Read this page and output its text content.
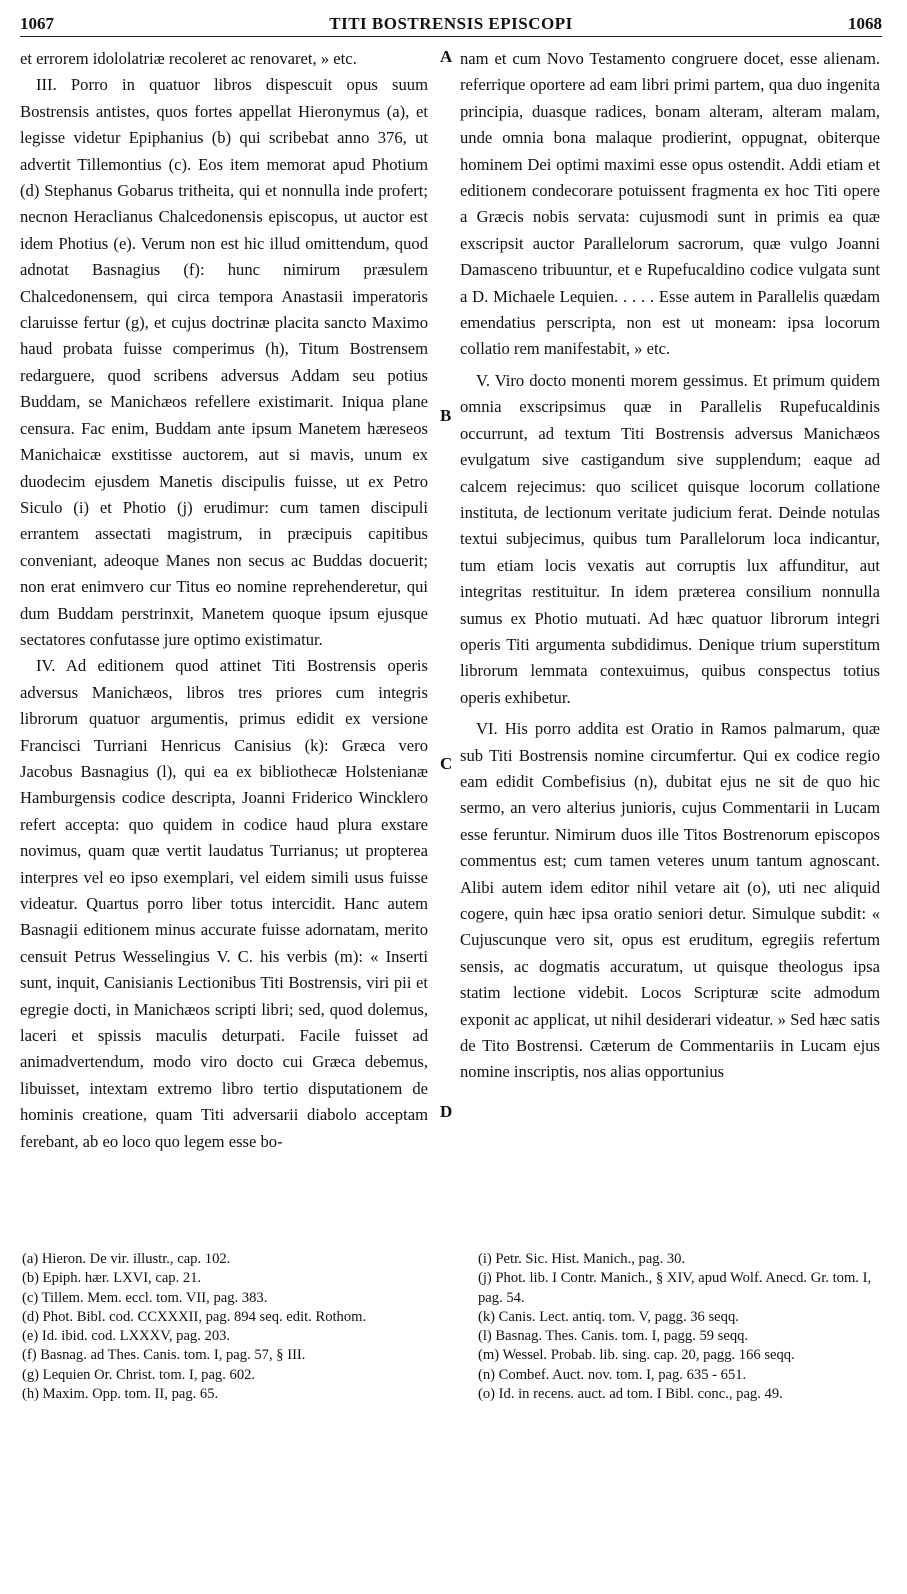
1067	TITI BOSTRENSIS EPISCOPI	1068

et errorem idololatriæ recoleret ac renovaret, » etc.

III. Porro in quatuor libros dispescuit opus suum Bostrensis antistes, quos fortes appellat Hieronymus (a), et legisse videtur Epiphanius (b) qui scribebat anno 376, ut advertit Tillemontius (c). Eos item memorat apud Photium (d) Stephanus Gobarus tritheita, qui et nonnulla inde profert; necnon Heraclianus Chalcedonensis episcopus, ut auctor est idem Photius (e). Verum non est hic illud omittendum, quod adnotat Basnagius (f): hunc nimirum præsulem Chalcedonensem, qui circa tempora Anastasii imperatoris claruisse fertur (g), et cujus doctrinæ placita sancto Maximo haud probata fuisse comperimus (h), Titum Bostrensem redarguere, quod scribens adversus Addam seu potius Buddam, se Manichæos refellere existimarit. Iniqua plane censura. Fac enim, Buddam ante ipsum Manetem hæreseos Manichaicæ exstitisse auctorem, aut si mavis, unum ex duodecim ejusdem Manetis discipulis fuisse, ut ex Petro Siculo (i) et Photio (j) erudimur: cum tamen discipuli errantem assectati magistrum, in præcipuis capitibus conveniant, adeoque Manes non secus ac Buddas docuerit; non erat enimvero cur Titus eo nomine reprehenderetur, qui dum Buddam perstrinxit, Manetem quoque ipsum ejusque sectatores confutasse jure optimo existimatur.

IV. Ad editionem quod attinet Titi Bostrensis operis adversus Manichæos, libros tres priores cum integris librorum quatuor argumentis, primus edidit ex versione Francisci Turriani Henricus Canisius (k): Græca vero Jacobus Basnagius (l), qui ea ex bibliothecæ Holstenianæ Hamburgensis codice descripta, Joanni Friderico Wincklero refert accepta: quo quidem in codice haud plura exstare novimus, quam quæ vertit laudatus Turrianus; ut propterea interpres vel eo ipso exemplari, vel eidem simili usus fuisse videatur. Quartus porro liber totus intercidit. Hanc autem Basnagii editionem minus accurate fuisse adornatam, merito censuit Petrus Wesselingius V. C. his verbis (m): « Inserti sunt, inquit, Canisianis Lectionibus Titi Bostrensis, viri pii et egregie docti, in Manichæos scripti libri; sed, quod dolemus, laceri et spissis maculis deturpati. Facile fuisset ad animadvertendum, modo viro docto cui Græca debemus, libuisset, intextam extremo libro tertio disputationem de hominis creatione, quam Titi adversarii diabolo acceptam ferebant, ab eo loco quo legem esse bo-

A
B
C
D

nam et cum Novo Testamento congruere docet, esse alienam. referrique oportere ad eam libri primi partem, qua duo ingenita principia, duasque radices, bonam alteram, alteram malam, unde omnia bona malaque prodierint, oppugnat, obiterque hominem Dei optimi maximi esse opus ostendit. Addi etiam et editionem condecorare potuissent fragmenta ex hoc Titi opere a Græcis nobis servata: cujusmodi sunt in primis ea quæ exscripsit auctor Parallelorum sacrorum, quæ vulgo Joanni Damasceno tribuuntur, et e Rupefucaldino codice vulgata sunt a D. Michaele Lequien. . . . . Esse autem in Parallelis quædam emendatius perscripta, non est ut moneam: ipsa locorum collatio rem manifestabit, » etc.

V. Viro docto monenti morem gessimus. Et primum quidem omnia exscripsimus quæ in Parallelis Rupefucaldinis occurrunt, ad textum Titi Bostrensis adversus Manichæos evulgatum sive castigandum sive supplendum; eaque ad calcem rejecimus: quo scilicet quisque locorum collatione instituta, de lectionum veritate judicium ferat. Deinde notulas textui subjecimus, quibus tum Parallelorum loca indicantur, tum etiam locis vexatis aut corruptis lux affunditur, aut integritas restituitur. In idem præterea consilium nonnulla sumus ex Photio mutuati. Ad hæc quatuor librorum integri operis Titi argumenta subdidimus. Denique trium superstitum librorum lemmata contexuimus, quibus conspectus totius operis exhibetur.

VI. His porro addita est Oratio in Ramos palmarum, quæ sub Titi Bostrensis nomine circumfertur. Qui ex codice regio eam edidit Combefisius (n), dubitat ejus ne sit de quo hic sermo, an vero alterius junioris, cujus Commentarii in Lucam esse feruntur. Nimirum duos ille Titos Bostrenorum episcopos commentus est; cum tamen veteres unum tantum agnoscant. Alibi autem idem editor nihil vetare ait (o), uti nec aliquid cogere, quin hæc ipsa oratio seniori detur. Simulque subdit: « Cujuscunque vero sit, opus est eruditum, egregiis refertum sensis, ac dogmatis accuratum, ut quisque theologus ipsa statim lectione videbit. Locos Scripturæ scite admodum exponit ac applicat, ut nihil desiderari videatur. » Sed hæc satis de Tito Bostrensi. Cæterum de Commentariis in Lucam ejus nomine inscriptis, nos alias opportunius

(a) Hieron. De vir. illustr., cap. 102.

(b) Epiph. hær. LXVI, cap. 21.

(c) Tillem. Mem. eccl. tom. VII, pag. 383.

(d) Phot. Bibl. cod. CCXXXII, pag. 894 seq. edit. Rothom.

(e) Id. ibid. cod. LXXXV, pag. 203.

(f) Basnag. ad Thes. Canis. tom. I, pag. 57, § III.

(g) Lequien Or. Christ. tom. I, pag. 602.

(h) Maxim. Opp. tom. II, pag. 65.

(i) Petr. Sic. Hist. Manich., pag. 30.

(j) Phot. lib. I Contr. Manich., § XIV, apud Wolf. Anecd. Gr. tom. I, pag. 54.

(k) Canis. Lect. antiq. tom. V, pagg. 36 seqq.

(l) Basnag. Thes. Canis. tom. I, pagg. 59 seqq.

(m) Wessel. Probab. lib. sing. cap. 20, pagg. 166 seqq.

(n) Combef. Auct. nov. tom. I, pag. 635 - 651.

(o) Id. in recens. auct. ad tom. I Bibl. conc., pag. 49.
